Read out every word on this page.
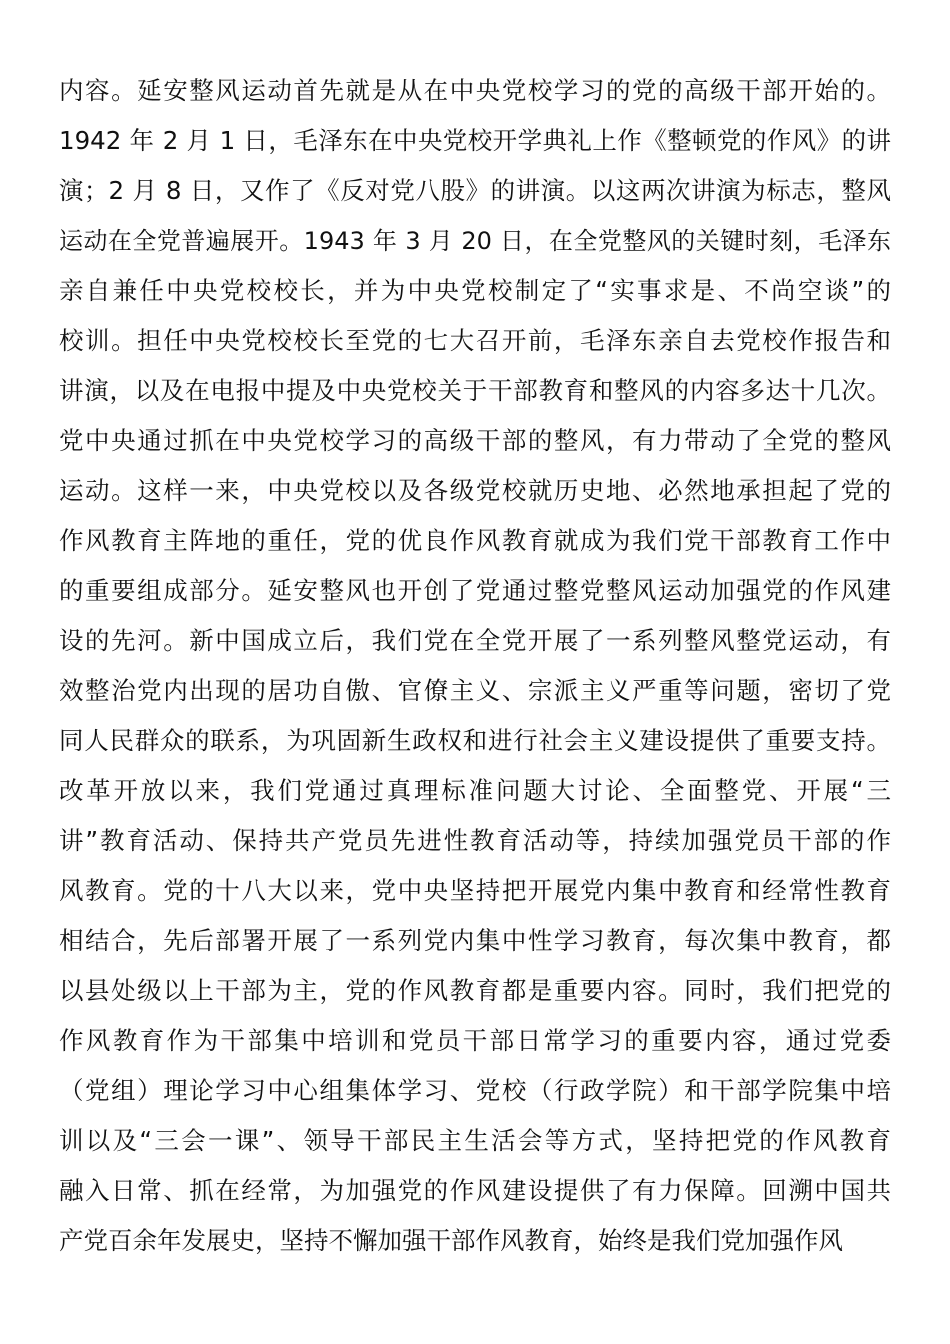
内容。延安整风运动首先就是从在中央党校学习的党的高级干部开始的。
1942 年 2 月 1 日，毛泽东在中央党校开学典礼上作《整顿党的作风》的讲
演；2 月 8 日，又作了《反对党八股》的讲演。以这两次讲演为标志，整风
运动在全党普遍展开。1943 年 3 月 20 日，在全党整风的关键时刻，毛泽东
亲自兼任中央党校校长，并为中央党校制定了“实事求是、不尚空谈”的
校训。担任中央党校校长至党的七大召开前，毛泽东亲自去党校作报告和
讲演，以及在电报中提及中央党校关于干部教育和整风的内容多达十几次。
党中央通过抓在中央党校学习的高级干部的整风，有力带动了全党的整风
运动。这样一来，中央党校以及各级党校就历史地、必然地承担起了党的
作风教育主阵地的重任，党的优良作风教育就成为我们党干部教育工作中
的重要组成部分。延安整风也开创了党通过整党整风运动加强党的作风建
设的先河。新中国成立后，我们党在全党开展了一系列整风整党运动，有
效整治党内出现的居功自傲、官僚主义、宗派主义严重等问题，密切了党
同人民群众的联系，为巩固新生政权和进行社会主义建设提供了重要支持。
改革开放以来，我们党通过真理标准问题大讨论、全面整党、开展“三
讲”教育活动、保持共产党员先进性教育活动等，持续加强党员干部的作
风教育。党的十八大以来，党中央坚持把开展党内集中教育和经常性教育
相结合，先后部署开展了一系列党内集中性学习教育，每次集中教育，都
以县处级以上干部为主，党的作风教育都是重要内容。同时，我们把党的
作风教育作为干部集中培训和党员干部日常学习的重要内容，通过党委
（党组）理论学习中心组集体学习、党校（行政学院）和干部学院集中培
训以及“三会一课”、领导干部民主生活会等方式，坚持把党的作风教育
融入日常、抓在经常，为加强党的作风建设提供了有力保障。回溯中国共
产党百余年发展史，坚持不懈加强干部作风教育，始终是我们党加强作风
